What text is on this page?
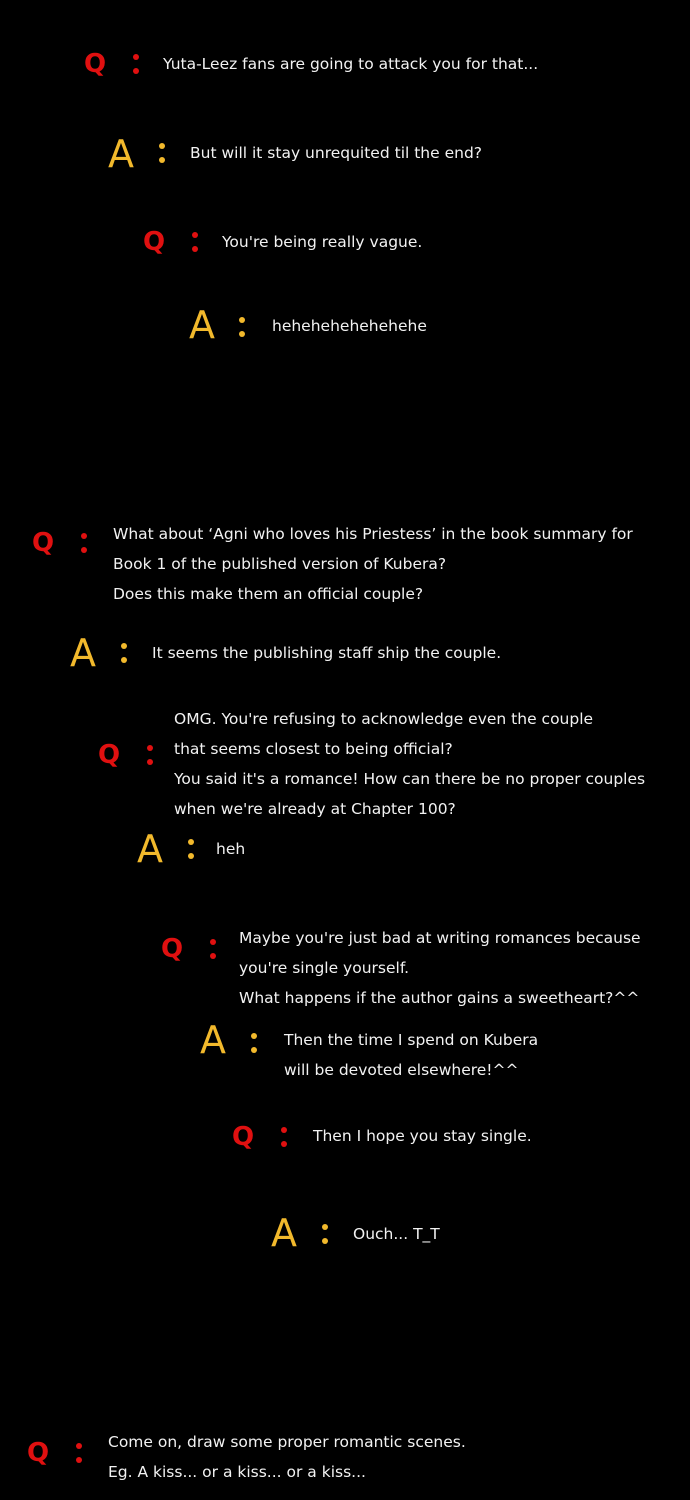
Q	Yuta-Leez fans are going to attack you for that...
A	But will it stay unrequited til the end?
Q	You're being really vague.
A	hehehehehehehehe
Q	What about ‘Agni who loves his Priestess’ in the book summary for
Book 1 of the published version of Kubera?
Does this make them an official couple?
A	It seems the publishing staff ship the couple.
Q
OMG. You're refusing to acknowledge even the couple
that seems closest to being official?
You said it's a romance! How can there be no proper couples
when we're already at Chapter 100?
A	heh
Q	Maybe you're just bad at writing romances because
you're single yourself.
What happens if the author gains a sweetheart?^^
A	Then the time I spend on Kubera
will be devoted elsewhere!^^
Q	Then I hope you stay single.
A	Ouch... T_T
Q	Come on, draw some proper romantic scenes.
Eg. A kiss... or a kiss... or a kiss...
